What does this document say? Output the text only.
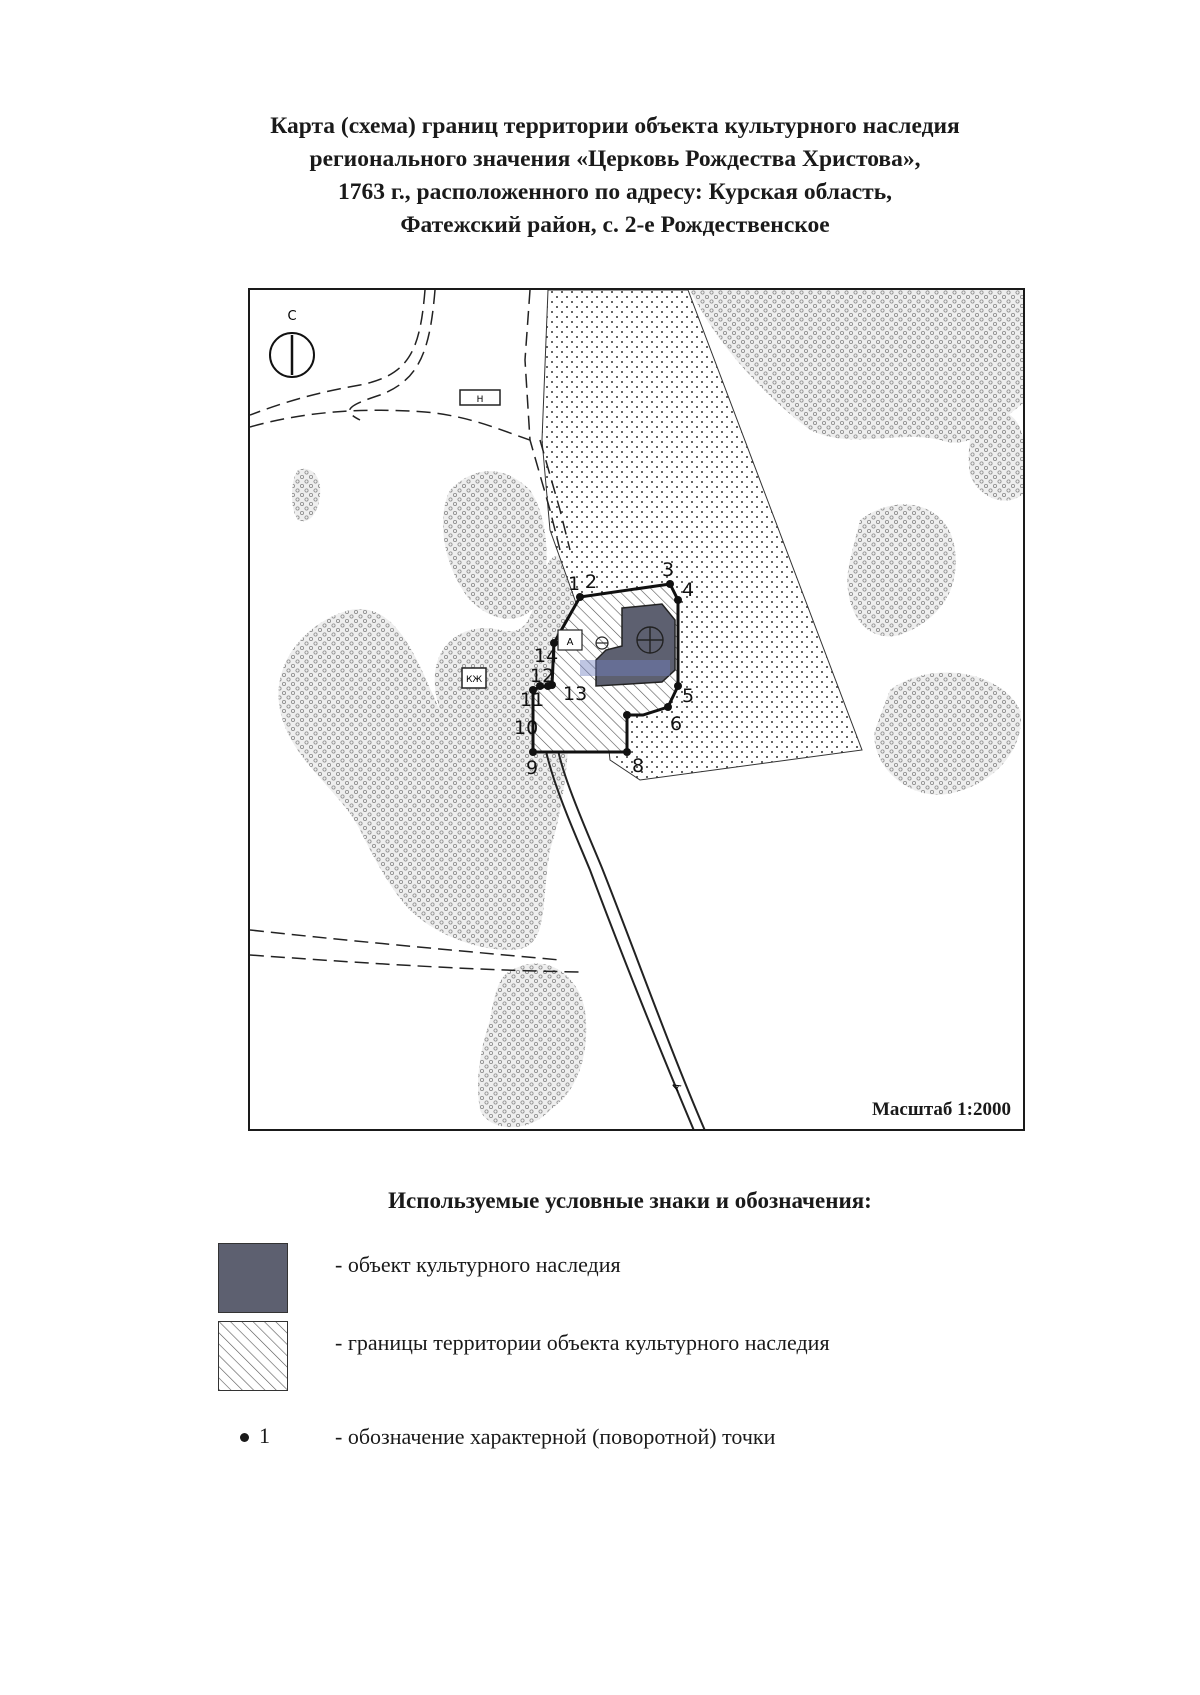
Карта (схема) границ территории объекта культурного наследия
регионального значения «Церковь Рождества Христова»,
1763 г., расположенного по адресу: Курская область,
Фатежский район, с. 2-е Рождественское
А
Н
КЖ
А
С
1 2
3
4
5
6
8
9
10
11
12
13
14
Масштаб 1:2000
Используемые условные знаки и обозначения:
- объект культурного наследия
- границы территории объекта культурного наследия
1	- обозначение характерной (поворотной) точки
